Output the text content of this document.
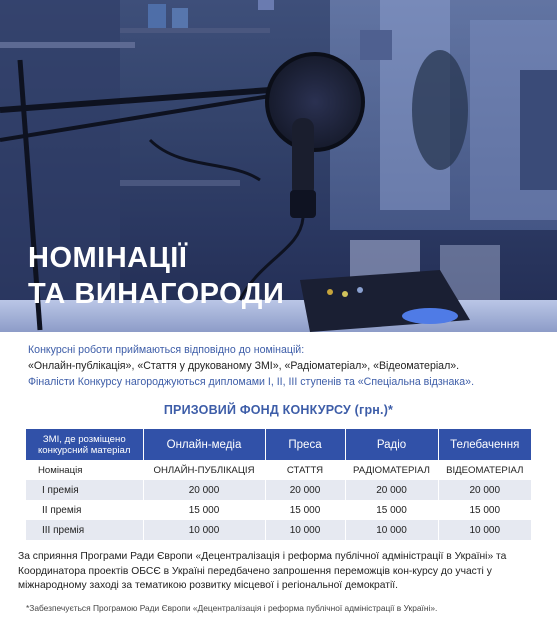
НОМІНАЦІЇ
ТА ВИНАГОРОДИ
Конкурсні роботи приймаються відповідно до номінацій:
«Онлайн-публікація», «Стаття у друкованому ЗМІ», «Радіоматеріал», «Відеоматеріал».
Фіналісти Конкурсу нагороджуються дипломами І, ІІ, ІІІ ступенів та «Спеціальна відзнака».
ПРИЗОВИЙ ФОНД КОНКУРСУ (грн.)*
ЗМІ, де розміщено конкурсний матеріал	Онлайн-медіа	Преса	Радіо	Телебачення
Номінація	ОНЛАЙН-ПУБЛІКАЦІЯ	СТАТТЯ	РАДІОМАТЕРІАЛ	ВІДЕОМАТЕРІАЛ
І премія	20 000	20 000	20 000	20 000
ІІ премія	15 000	15 000	15 000	15 000
ІІІ премія	10 000	10 000	10 000	10 000
За сприяння Програми Ради Європи «Децентралізація і реформа публічної адміністрації в Україні» та Координатора проектів ОБСЄ в Україні передбачено запрошення переможців кон-курсу до участі у міжнародному заході за тематикою розвитку місцевої і регіональної демократії.
*Забезпечується Програмою Ради Європи «Децентралізація і реформа публічної адміністрації в Україні».
